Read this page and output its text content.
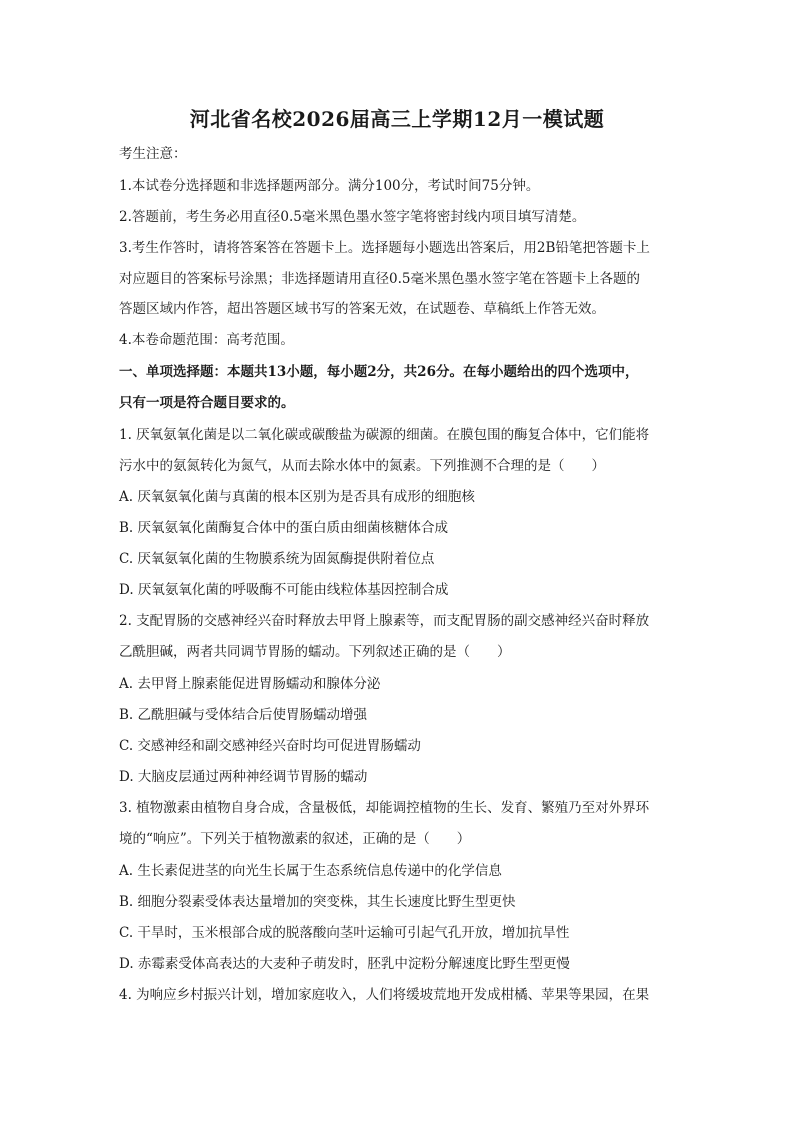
河北省名校2026届高三上学期12月一模试题
考生注意：
1.本试卷分选择题和非选择题两部分。满分100分，考试时间75分钟。
2.答题前，考生务必用直径0.5毫米黑色墨水签字笔将密封线内项目填写清楚。
3.考生作答时，请将答案答在答题卡上。选择题每小题选出答案后，用2B铅笔把答题卡上
对应题目的答案标号涂黑；非选择题请用直径0.5毫米黑色墨水签字笔在答题卡上各题的
答题区域内作答，超出答题区域书写的答案无效，在试题卷、草稿纸上作答无效。
4.本卷命题范围：高考范围。
一、单项选择题：本题共13小题，每小题2分，共26分。在每小题给出的四个选项中，
只有一项是符合题目要求的。
1. 厌氧氨氧化菌是以二氧化碳或碳酸盐为碳源的细菌。在膜包围的酶复合体中，它们能将
污水中的氨氮转化为氮气，从而去除水体中的氮素。下列推测不合理的是（　　）
A. 厌氧氨氧化菌与真菌的根本区别为是否具有成形的细胞核
B. 厌氧氨氧化菌酶复合体中的蛋白质由细菌核糖体合成
C. 厌氧氨氧化菌的生物膜系统为固氮酶提供附着位点
D. 厌氧氨氧化菌的呼吸酶不可能由线粒体基因控制合成
2. 支配胃肠的交感神经兴奋时释放去甲肾上腺素等，而支配胃肠的副交感神经兴奋时释放
乙酰胆碱，两者共同调节胃肠的蠕动。下列叙述正确的是（　　）
A. 去甲肾上腺素能促进胃肠蠕动和腺体分泌
B. 乙酰胆碱与受体结合后使胃肠蠕动增强
C. 交感神经和副交感神经兴奋时均可促进胃肠蠕动
D. 大脑皮层通过两种神经调节胃肠的蠕动
3. 植物激素由植物自身合成，含量极低，却能调控植物的生长、发育、繁殖乃至对外界环
境的“响应”。下列关于植物激素的叙述，正确的是（　　）
A. 生长素促进茎的向光生长属于生态系统信息传递中的化学信息
B. 细胞分裂素受体表达量增加的突变株，其生长速度比野生型更快
C. 干旱时，玉米根部合成的脱落酸向茎叶运输可引起气孔开放，增加抗旱性
D. 赤霉素受体高表达的大麦种子萌发时，胚乳中淀粉分解速度比野生型更慢
4. 为响应乡村振兴计划，增加家庭收入，人们将缓坡荒地开发成柑橘、苹果等果园，在果
